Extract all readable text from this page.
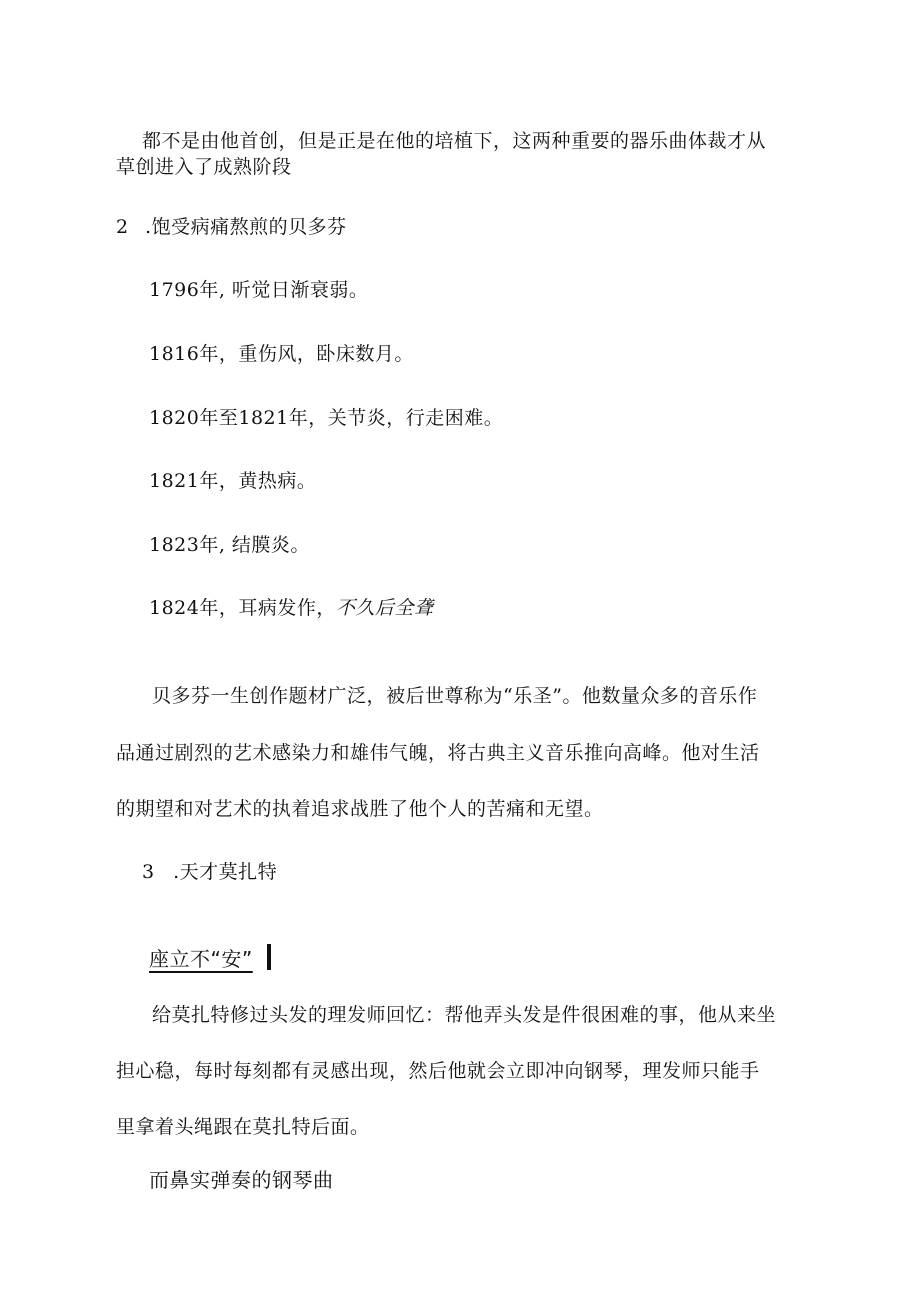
都不是由他首创，但是正是在他的培植下，这两种重要的器乐曲体裁才从
草创进入了成熟阶段
2 .饱受病痛熬煎的贝多芬
1796年, 听觉日渐衰弱。
1816年，重伤风，卧床数月。
1820年至1821年，关节炎，行走困难。
1821年，黄热病。
1823年, 结膜炎。
1824年，耳病发作，不久后全聋
贝多芬一生创作题材广泛，被后世尊称为“乐圣”。他数量众多的音乐作
品通过剧烈的艺术感染力和雄伟气魄，将古典主义音乐推向高峰。他对生活
的期望和对艺术的执着追求战胜了他个人的苦痛和无望。
3 .天才莫扎特
座立不“安”
给莫扎特修过头发的理发师回忆：帮他弄头发是件很困难的事，他从来坐
担心稳，每时每刻都有灵感出现，然后他就会立即冲向钢琴，理发师只能手
里拿着头绳跟在莫扎特后面。
而鼻实弹奏的钢琴曲
